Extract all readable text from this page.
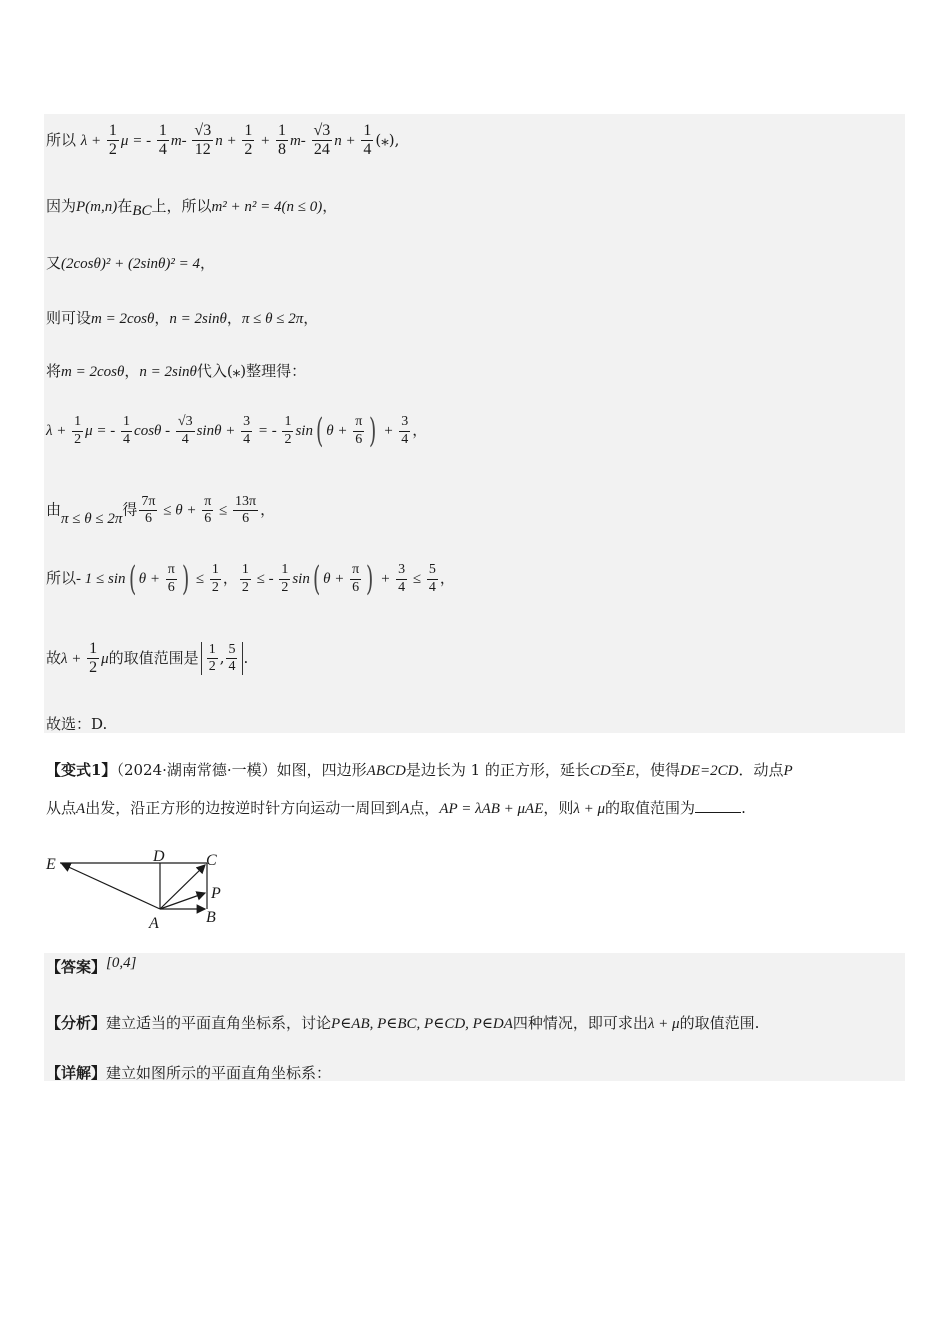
所以 $\lambda + \frac{1}{2}$ μ = - $\frac{1}{4} m- \frac{√3}{12}$ $n + \frac{1}{2} + \frac{1}{8} m- \frac{√3}{24}$ $n + \frac{1}{4}$ (⁎),
因为P(m,n)在BC上，所以m² + n² = 4(n ≤ 0)，
又(2cosθ)² + (2sinθ)² = 4，
则可设m = 2cosθ，n = 2sinθ，π ≤ θ ≤ 2π，
将m = 2cosθ，n = 2sinθ代入(⁎)整理得：
$\lambda + \frac{1}{2}$ μ = - $\frac{1}{4}$ cosθ - $\frac{√3}{4}$ $\sin\theta + \frac{3}{4}$ = - $\frac{1}{2} \sin$( $\theta + \frac{\pi}{6}$ ) + $\frac{3}{4}$ ，
由π ≤ θ ≤ 2π得 $\frac{7\pi}{6} \le \theta + \frac{\pi}{6} \le \frac{13\pi}{6}$ ，
所以- 1 ≤ sin( $\theta + \frac{\pi}{6}$ ) ≤ $\frac{1}{2}$ ， $\frac{1}{2}$ ≤ - $\frac{1}{2} \sin$( $\theta + \frac{\pi}{6}$ ) + $\frac{3}{4} \le \frac{5}{4}$ ，
故$\lambda + \frac{1}{2}$ μ的取值范围是 $\frac{1}{2}$ , $\frac{5}{4}$ .
故选：D.
【变式1】（2024·湖南常德·一模）如图，四边形ABCD是边长为 1 的正方形，延长CD至E，使得DE=2CD．动点P
从点A出发，沿正方形的边按逆时针方向运动一周回到A点，AP = λAB + μAE，则λ + μ的取值范围为	.
E	D	C
P
A	B
【答案】[0,4]
【分析】建立适当的平面直角坐标系，讨论P∈AB, P∈BC, P∈CD, P∈DA四种情况，即可求出λ + μ的取值范围.
【详解】建立如图所示的平面直角坐标系：
